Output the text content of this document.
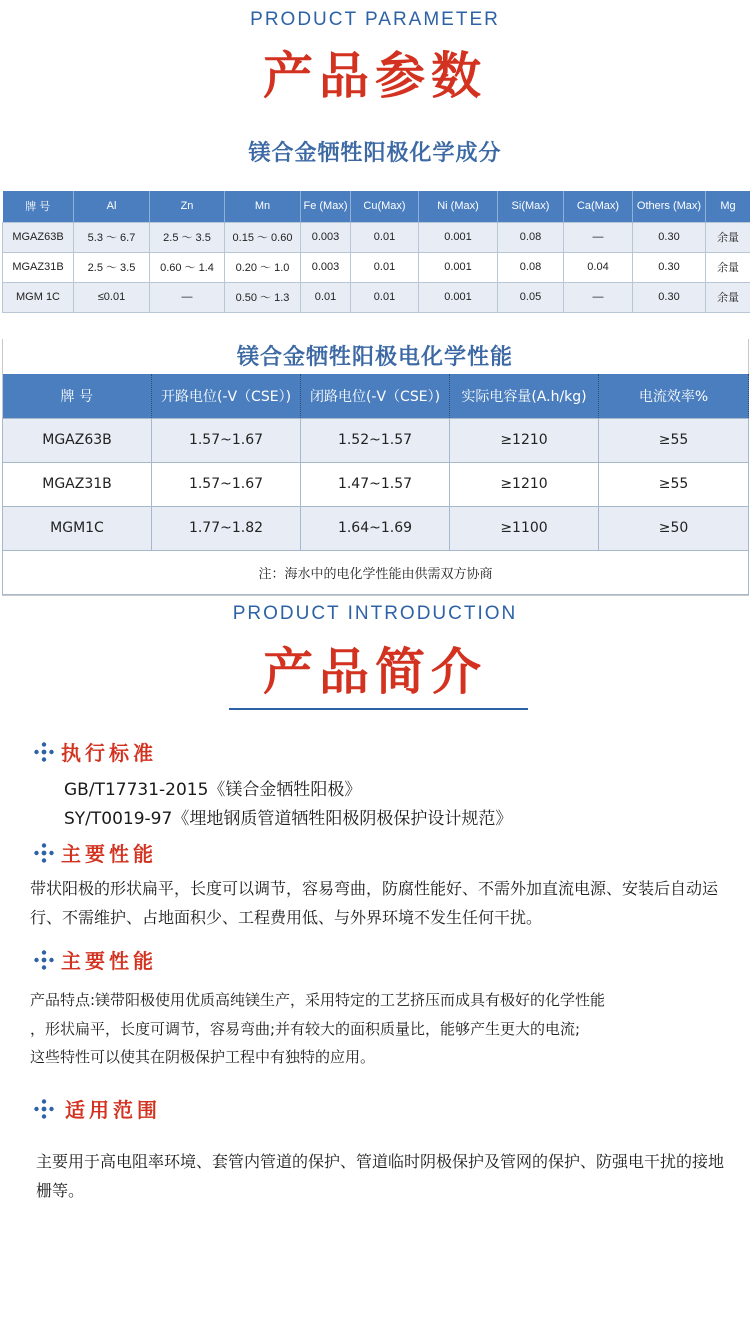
PRODUCT PARAMETER
产品参数
镁合金牺牲阳极化学成分
牌 号	Al	Zn	Mn	Fe (Max)	Cu(Max)	Ni (Max)	Si(Max)	Ca(Max)	Others (Max)	Mg
MGAZ63B	5.3 ～ 6.7	2.5 ～ 3.5	0.15 ～ 0.60	0.003	0.01	0.001	0.08	—	0.30	余量
MGAZ31B	2.5 ～ 3.5	0.60 ～ 1.4	0.20 ～ 1.0	0.003	0.01	0.001	0.08	0.04	0.30	余量
MGM 1C	≤0.01	—	0.50 ～ 1.3	0.01	0.01	0.001	0.05	—	0.30	余量
镁合金牺牲阳极电化学性能
牌 号	开路电位(-V（CSE）)	闭路电位(-V（CSE）)	实际电容量(A.h/kg)	电流效率%
MGAZ63B	1.57~1.67	1.52~1.57	≥1210	≥55
MGAZ31B	1.57~1.67	1.47~1.57	≥1210	≥55
MGM1C	1.77~1.82	1.64~1.69	≥1100	≥50
注：海水中的电化学性能由供需双方协商				
PRODUCT INTRODUCTION
产品简介
执行标准
GB/T17731-2015《镁合金牺牲阳极》
SY/T0019-97《埋地钢质管道牺牲阳极阴极保护设计规范》
主要性能
带状阳极的形状扁平，长度可以调节，容易弯曲，防腐性能好、不需外加直流电源、安装后自动运行、不需维护、占地面积少、工程费用低、与外界环境不发生任何干扰。
主要性能
产品特点:镁带阳极使用优质高纯镁生产，采用特定的工艺挤压而成具有极好的化学性能
，形状扁平，长度可调节，容易弯曲;并有较大的面积质量比，能够产生更大的电流;
这些特性可以使其在阴极保护工程中有独特的应用。
适用范围
主要用于高电阻率环境、套管内管道的保护、管道临时阴极保护及管网的保护、防强电干扰的接地栅等。
